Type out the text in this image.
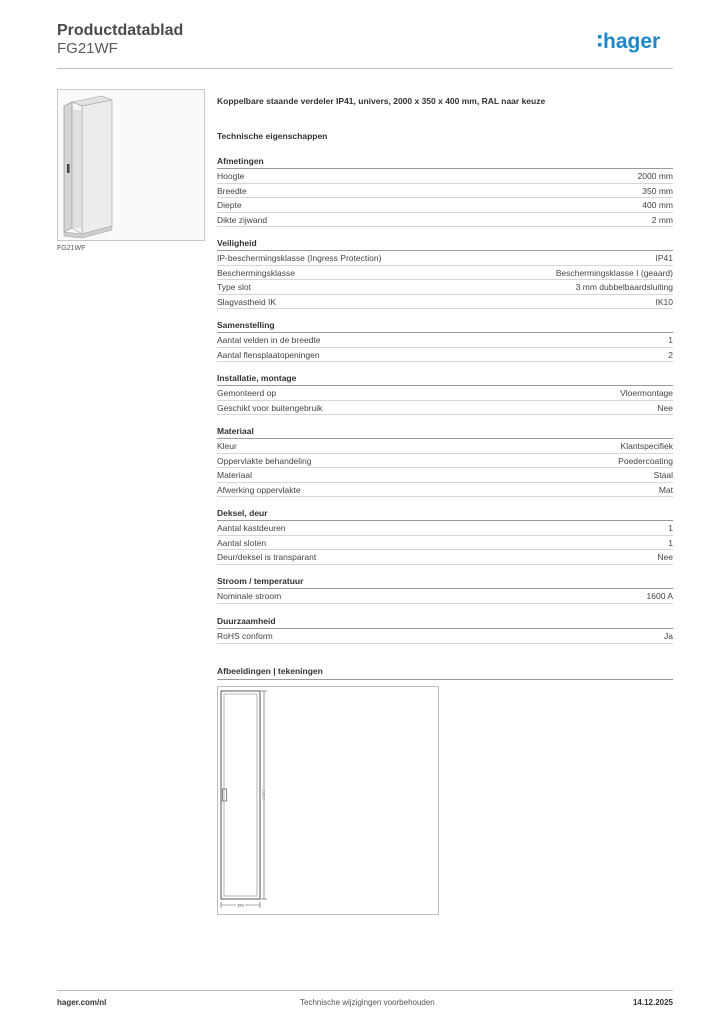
Productdatablad
FG21WF	hager
FG21WF
Koppelbare staande verdeler IP41, univers, 2000 x 350 x 400 mm, RAL naar keuze
Technische eigenschappen
Afmetingen
Hoogte	2000 mm
Breedte	350 mm
Diepte	400 mm
Dikte zijwand	2 mm
Veiligheid
IP-beschermingsklasse (Ingress Protection)	IP41
Beschermingsklasse	Beschermingsklasse I (geaard)
Type slot	3 mm dubbelbaardsluiting
Slagvastheid IK	IK10
Samenstelling
Aantal velden in de breedte	1
Aantal flensplaatopeningen	2
Installatie, montage
Gemonteerd op	Vloermontage
Geschikt voor buitengebruik	Nee
Materiaal
Kleur	Klantspecifiek
Oppervlakte behandeling	Poedercoating
Materiaal	Staal
Afwerking oppervlakte	Mat
Deksel, deur
Aantal kastdeuren	1
Aantal sloten	1
Deur/deksel is transparant	Nee
Stroom / temperatuur
Nominale stroom	1600 A
Duurzaamheid
RoHS conform	Ja
Afbeeldingen | tekeningen
2000
350
hager.com/nl	Technische wijzigingen voorbehouden	14.12.2025
